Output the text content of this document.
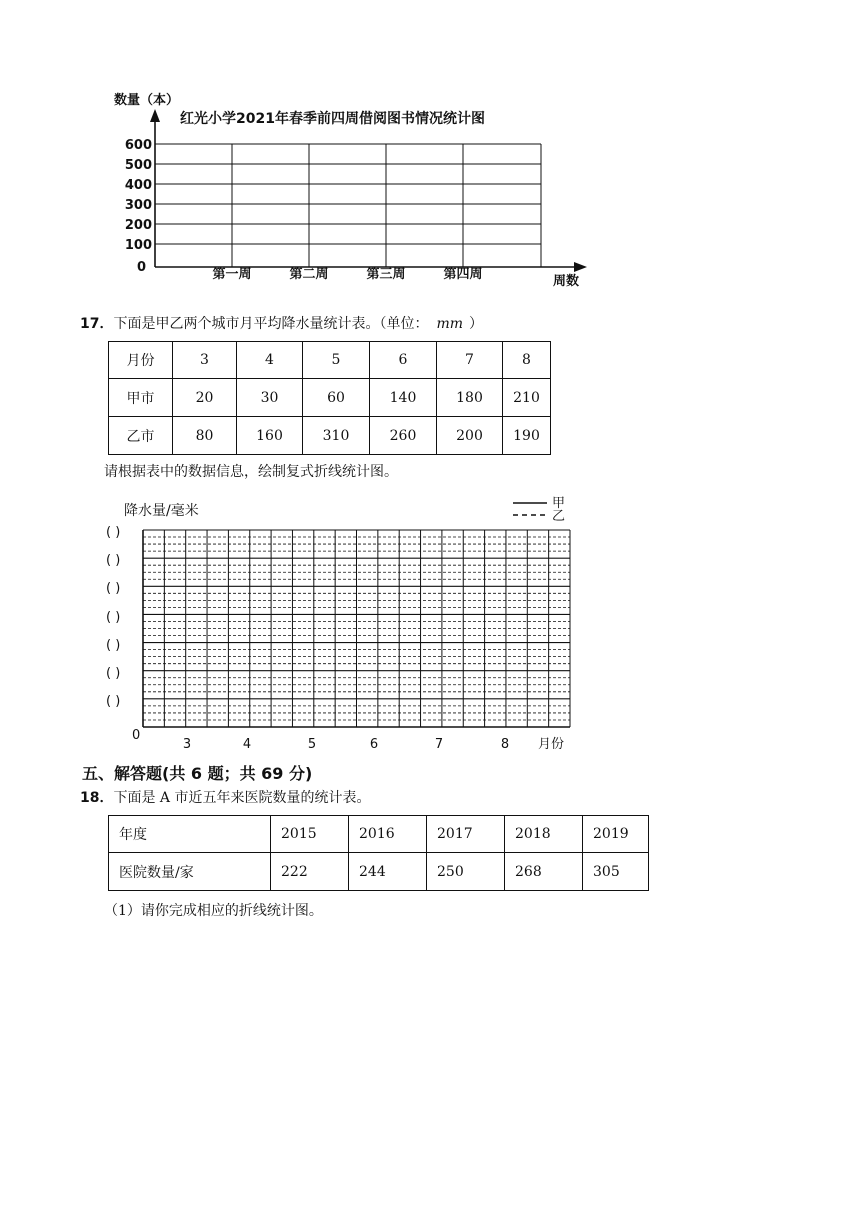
数量（本）
红光小学2021年春季前四周借阅图书情况统计图
600
500
400
300
200
100
0	第一周	第二周	第三周	第四周	周数
17．下面是甲乙两个城市月平均降水量统计表。（单位： mm ）
月份	3	4	5	6	7	8
甲市	20	30	60	140	180	210
乙市	80	160	310	260	200	190
请根据表中的数据信息，绘制复式折线统计图。
降水量/毫米	甲
乙
( )
( )
( )
( )
( )
( )
( )
0
3	4	5	6	7	8 月份
五、解答题(共 6 题；共 69 分)
18．下面是 A 市近五年来医院数量的统计表。
年度	2015	2016	2017	2018	2019
医院数量/家	222	244	250	268	305
（1）请你完成相应的折线统计图。
